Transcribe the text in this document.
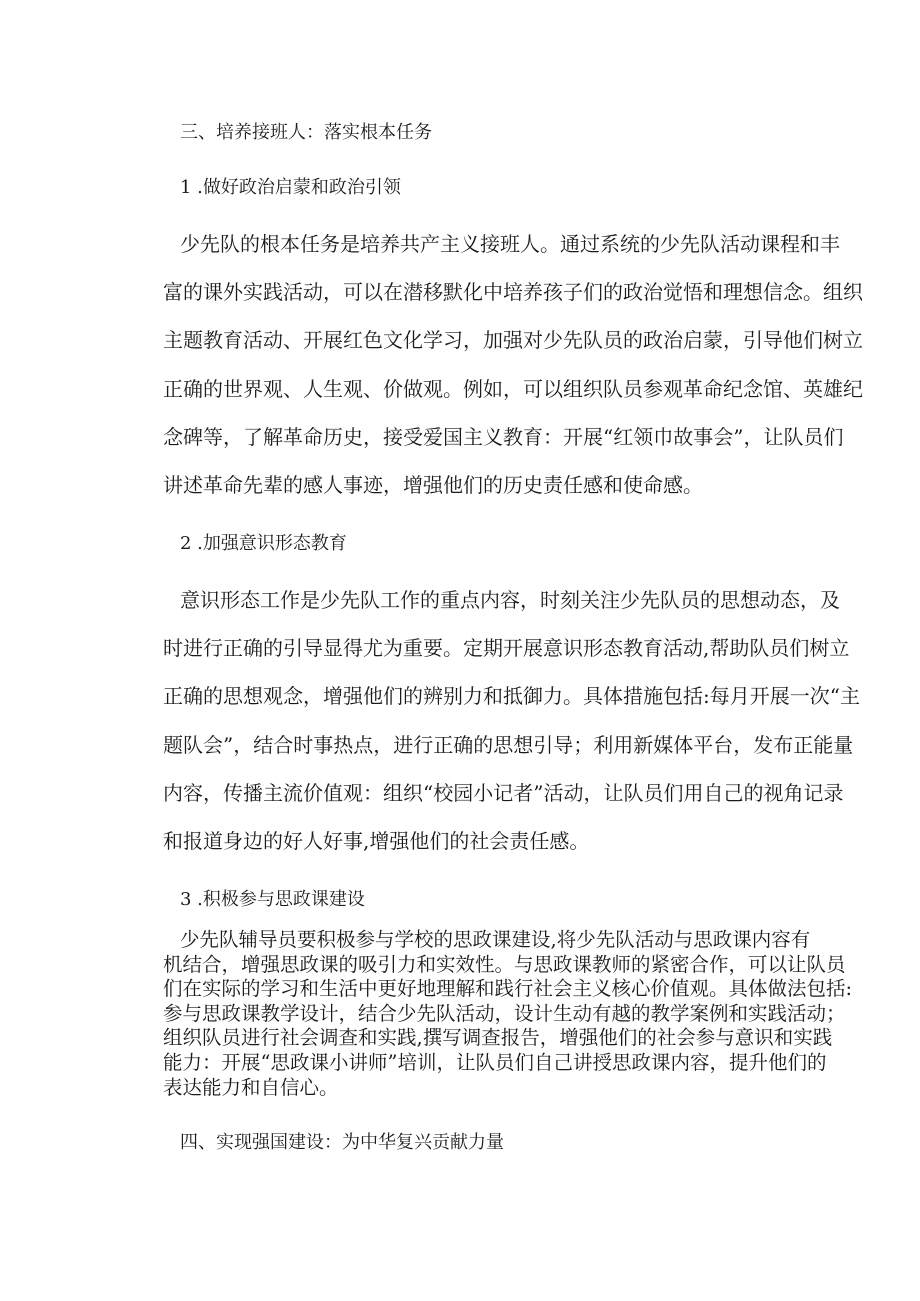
三、培养接班人：落实根本任务
1 .做好政治启蒙和政治引领
少先队的根本任务是培养共产主义接班人。通过系统的少先队活动课程和丰
富的课外实践活动，可以在潜移默化中培养孩子们的政治觉悟和理想信念。组织
主题教育活动、开展红色文化学习，加强对少先队员的政治启蒙，引导他们树立
正确的世界观、人生观、价做观。例如，可以组织队员参观革命纪念馆、英雄纪
念碑等，了解革命历史，接受爱国主义教育：开展“红领巾故事会”，让队员们
讲述革命先辈的感人事迹，增强他们的历史责任感和使命感。
2 .加强意识形态教育
意识形态工作是少先队工作的重点内容，时刻关注少先队员的思想动态，及
时进行正确的引导显得尤为重要。定期开展意识形态教育活动,帮助队员们树立
正确的思想观念，增强他们的辨别力和抵御力。具体措施包括:每月开展一次“主
题队会”，结合时事热点，进行正确的思想引导；利用新媒体平台，发布正能量
内容，传播主流价值观：组织“校园小记者”活动，让队员们用自己的视角记录
和报道身边的好人好事,增强他们的社会责任感。
3 .积极参与思政课建设
少先队辅导员要积极参与学校的思政课建设,将少先队活动与思政课内容有
机结合，增强思政课的吸引力和实效性。与思政课教师的紧密合作，可以让队员
们在实际的学习和生活中更好地理解和践行社会主义核心价值观。具体做法包括:
参与思政课教学设计，结合少先队活动，设计生动有越的教学案例和实践活动；
组织队员进行社会调查和实践,撰写调查报告，增强他们的社会参与意识和实践
能力：开展“思政课小讲师”培训，让队员们自己讲授思政课内容，提升他们的
表达能力和自信心。
四、实现强国建设：为中华复兴贡献力量
